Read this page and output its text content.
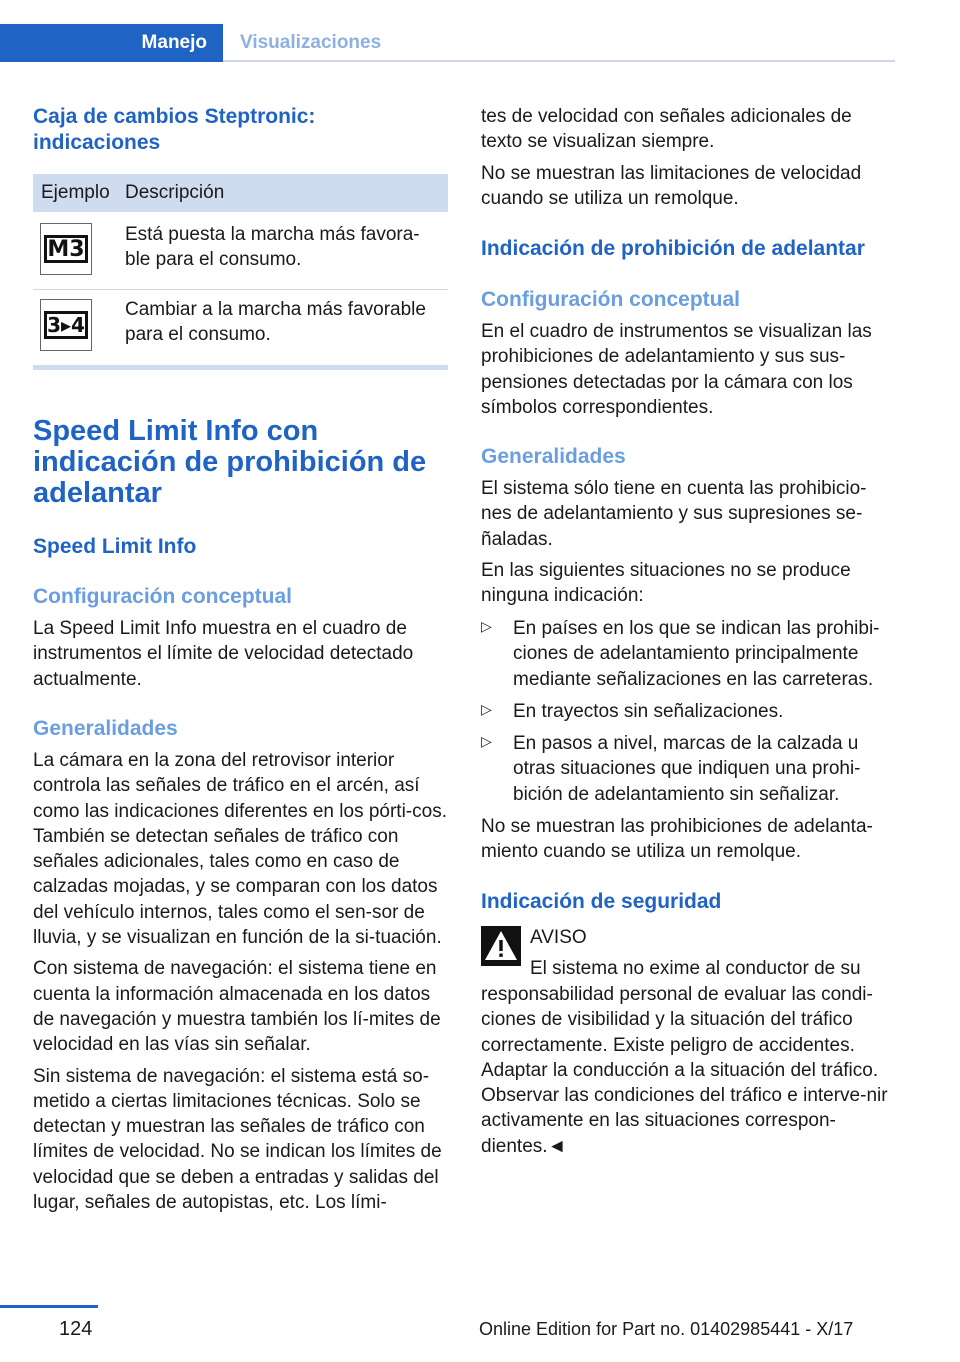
Manejo Visualizaciones
Caja de cambios Steptronic: indicaciones
Ejemplo Descripción
M3

Está puesta la marcha más favora-ble para el consumo.

3▸4

Cambiar a la marcha más favorable para el consumo.

Speed Limit Info con indicación de prohibición de adelantar
Speed Limit Info
Configuración conceptual

La Speed Limit Info muestra en el cuadro de instrumentos el límite de velocidad detectado actualmente.

Generalidades

La cámara en la zona del retrovisor interior controla las señales de tráfico en el arcén, así como las indicaciones diferentes en los pórti-cos. También se detectan señales de tráfico con señales adicionales, tales como en caso de calzadas mojadas, y se comparan con los datos del vehículo internos, tales como el sen-sor de lluvia, y se visualizan en función de la si-tuación.

Con sistema de navegación: el sistema tiene en cuenta la información almacenada en los datos de navegación y muestra también los lí-mites de velocidad en las vías sin señalar.

Sin sistema de navegación: el sistema está so-metido a ciertas limitaciones técnicas. Solo se detectan y muestran las señales de tráfico con límites de velocidad. No se indican los límites de velocidad que se deben a entradas y salidas del lugar, señales de autopistas, etc. Los lími-

tes de velocidad con señales adicionales de texto se visualizan siempre.

No se muestran las limitaciones de velocidad cuando se utiliza un remolque.

Indicación de prohibición de adelantar
Configuración conceptual

En el cuadro de instrumentos se visualizan las prohibiciones de adelantamiento y sus sus-pensiones detectadas por la cámara con los símbolos correspondientes.

Generalidades

El sistema sólo tiene en cuenta las prohibicio-nes de adelantamiento y sus supresiones se-ñaladas.

En las siguientes situaciones no se produce ninguna indicación:

▷ En países en los que se indican las prohibi-ciones de adelantamiento principalmente mediante señalizaciones en las carreteras.

▷ En trayectos sin señalizaciones.

▷ En pasos a nivel, marcas de la calzada u otras situaciones que indiquen una prohi-bición de adelantamiento sin señalizar.

No se muestran las prohibiciones de adelanta-miento cuando se utiliza un remolque.

Indicación de seguridad

AVISO

El sistema no exime al conductor de su

responsabilidad personal de evaluar las condi-ciones de visibilidad y la situación del tráfico correctamente. Existe peligro de accidentes. Adaptar la conducción a la situación del tráfico. Observar las condiciones del tráfico e interve-nir activamente en las situaciones correspon-dientes.◄

124	Online Edition for Part no. 01402985441 - X/17
